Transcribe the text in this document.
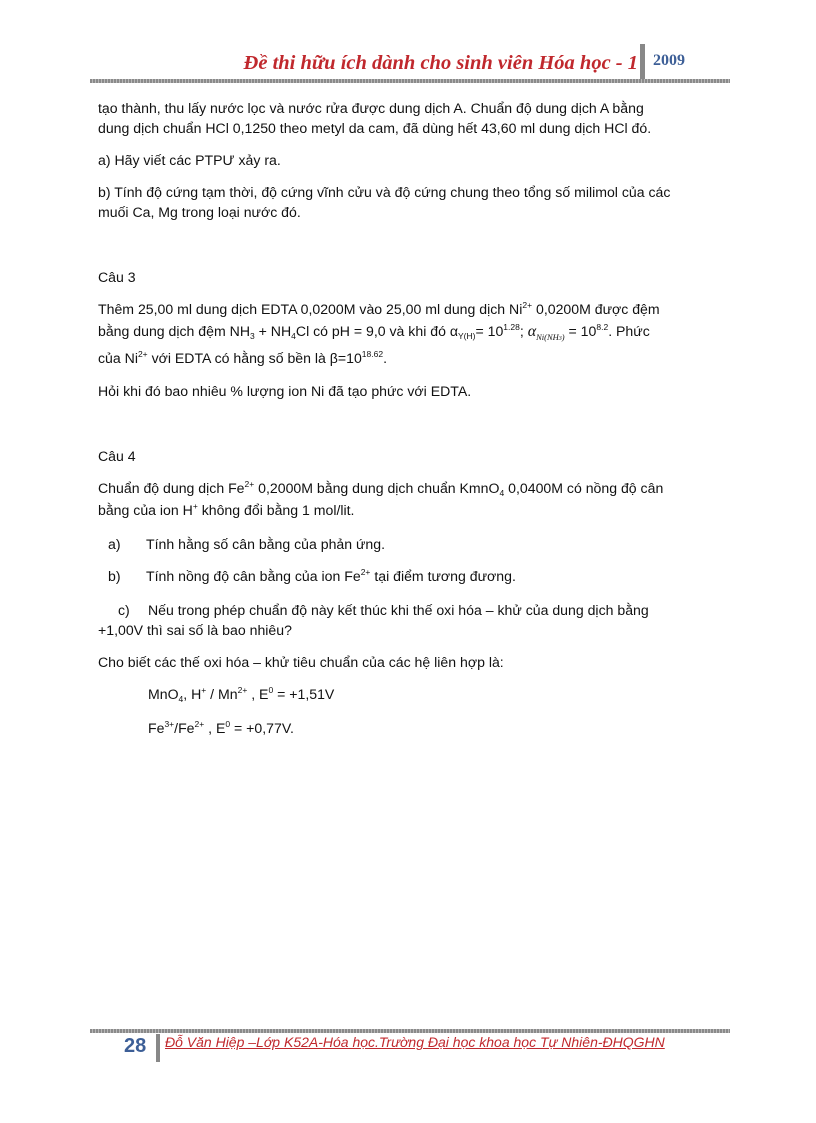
Đề thi hữu ích dành cho sinh viên Hóa học - 1 2009

tạo thành, thu lấy nước lọc và nước rửa được dung dịch A. Chuẩn độ dung dịch A bằng
dung dịch chuẩn HCl 0,1250 theo metyl da cam, đã dùng hết 43,60 ml dung dịch HCl đó.

a) Hãy viết các PTPƯ xảy ra.

b) Tính độ cứng tạm thời, độ cứng vĩnh cửu và độ cứng chung theo tổng số milimol của các
muối Ca, Mg trong loại nước đó.

Câu 3

Thêm 25,00 ml dung dịch EDTA 0,0200M vào 25,00 ml dung dịch $Ni^{2+}$ 0,0200M được đệm
bằng dung dịch đệm $NH_3 + NH_4Cl$ có pH = 9,0 và khi đó $\alpha_{Y(H)}= 10^{1.28}$; $\alpha_{Ni(NH3)} = 10^{8.2}$. Phức
của $Ni^{2+}$ với EDTA có hằng số bền là $\beta=10^{18.62}$.

Hỏi khi đó bao nhiêu % lượng ion Ni đã tạo phức với EDTA.

Câu 4

Chuẩn độ dung dịch $Fe^{2+}$ 0,2000M bằng dung dịch chuẩn KmnO$_4$ 0,0400M có nồng độ cân
bằng của ion H+ không đổi bằng 1 mol/lit.

a)	Tính hằng số cân bằng của phản ứng.

b)	Tính nồng độ cân bằng của ion $Fe^{2+}$ tại điểm tương đương.

c) Nếu trong phép chuẩn độ này kết thúc khi thế oxi hóa – khử của dung dịch bằng
+1,00V thì sai số là bao nhiêu?

Cho biết các thế oxi hóa – khử tiêu chuẩn của các hệ liên hợp là:

MnO$_4$, $H^+ / Mn^{2+}$ , $E^0 = +1,51V$

$Fe^{3+}/Fe^{2+}$ , $E^0 = +0,77V$.

28 Đỗ Văn Hiệp –Lớp K52A-Hóa học.Trường Đại học khoa học Tự Nhiên-ĐHQGHN
